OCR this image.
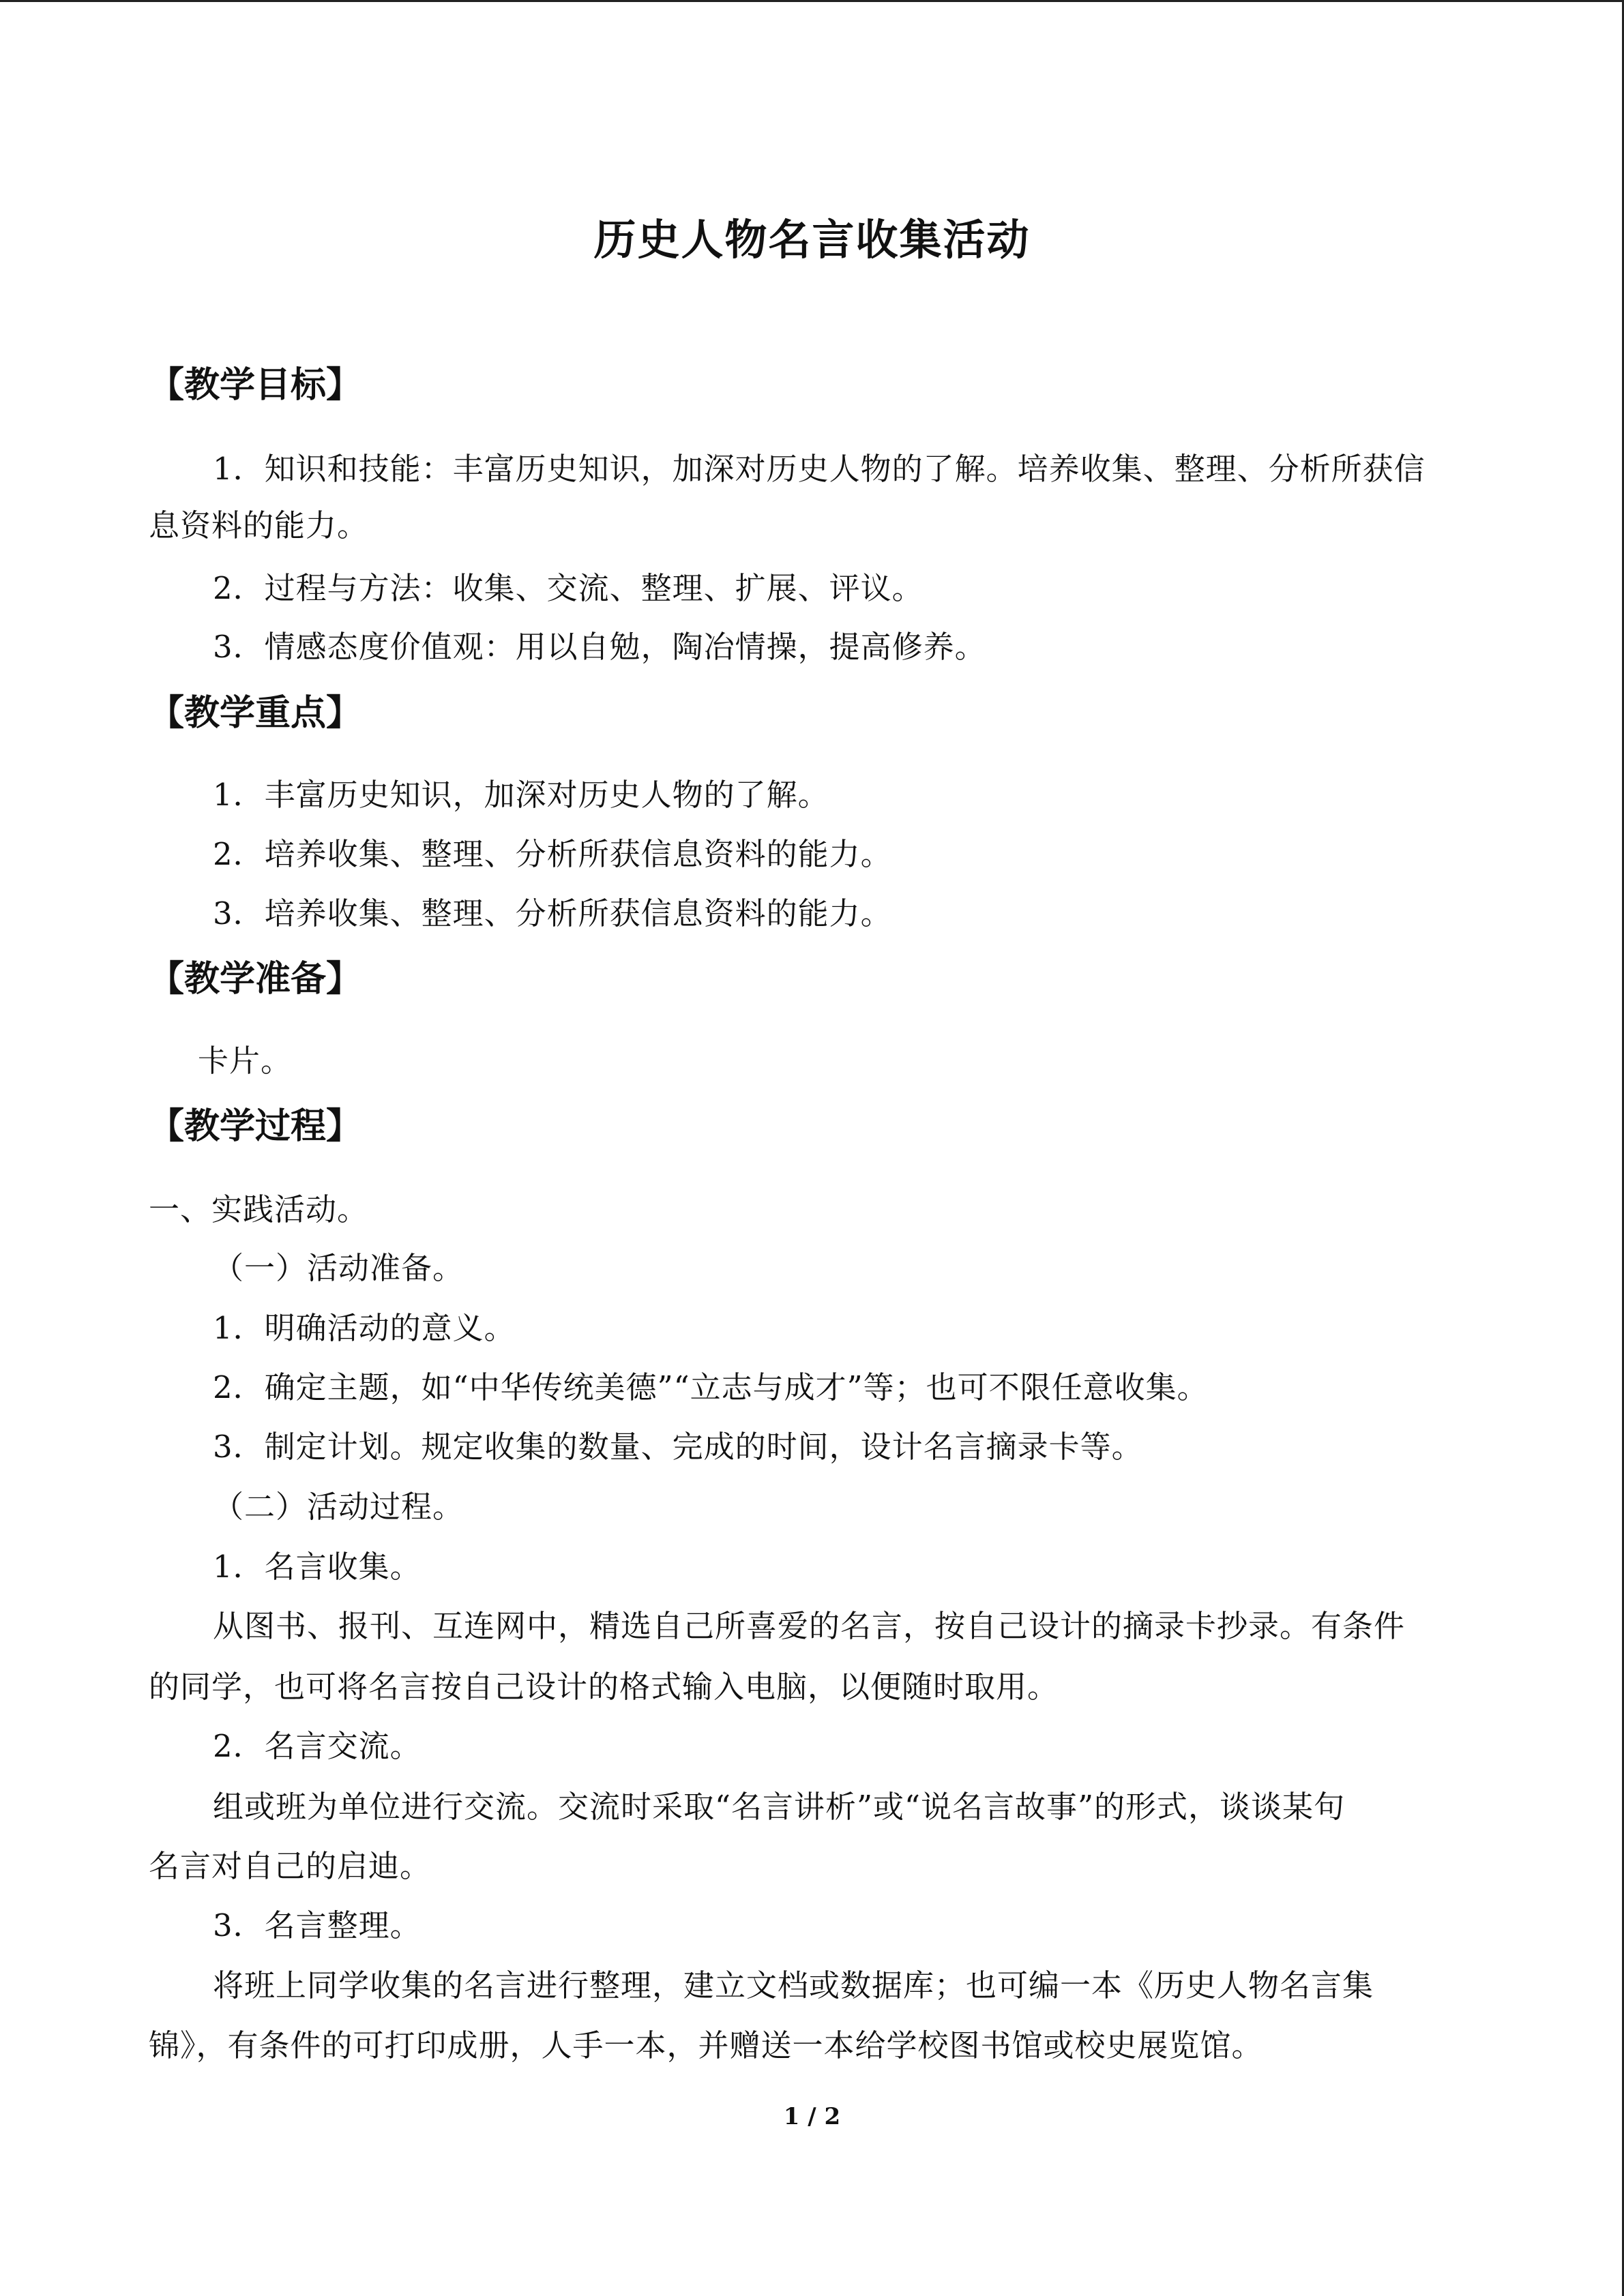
历史人物名言收集活动
【教学目标】
1．知识和技能：丰富历史知识，加深对历史人物的了解。培养收集、整理、分析所获信
息资料的能力。
2．过程与方法：收集、交流、整理、扩展、评议。
3．情感态度价值观：用以自勉，陶冶情操，提高修养。
【教学重点】
1．丰富历史知识，加深对历史人物的了解。
2．培养收集、整理、分析所获信息资料的能力。
3．培养收集、整理、分析所获信息资料的能力。
【教学准备】
卡片。
【教学过程】
一、实践活动。
（一）活动准备。
1．明确活动的意义。
2．确定主题，如“中华传统美德”“立志与成才”等；也可不限任意收集。
3．制定计划。规定收集的数量、完成的时间，设计名言摘录卡等。
（二）活动过程。
1．名言收集。
从图书、报刊、互连网中，精选自己所喜爱的名言，按自己设计的摘录卡抄录。有条件
的同学，也可将名言按自己设计的格式输入电脑，以便随时取用。
2．名言交流。
组或班为单位进行交流。交流时采取“名言讲析”或“说名言故事”的形式，谈谈某句
名言对自己的启迪。
3．名言整理。
将班上同学收集的名言进行整理，建立文档或数据库；也可编一本《历史人物名言集
锦》，有条件的可打印成册，人手一本，并赠送一本给学校图书馆或校史展览馆。
1 / 2
